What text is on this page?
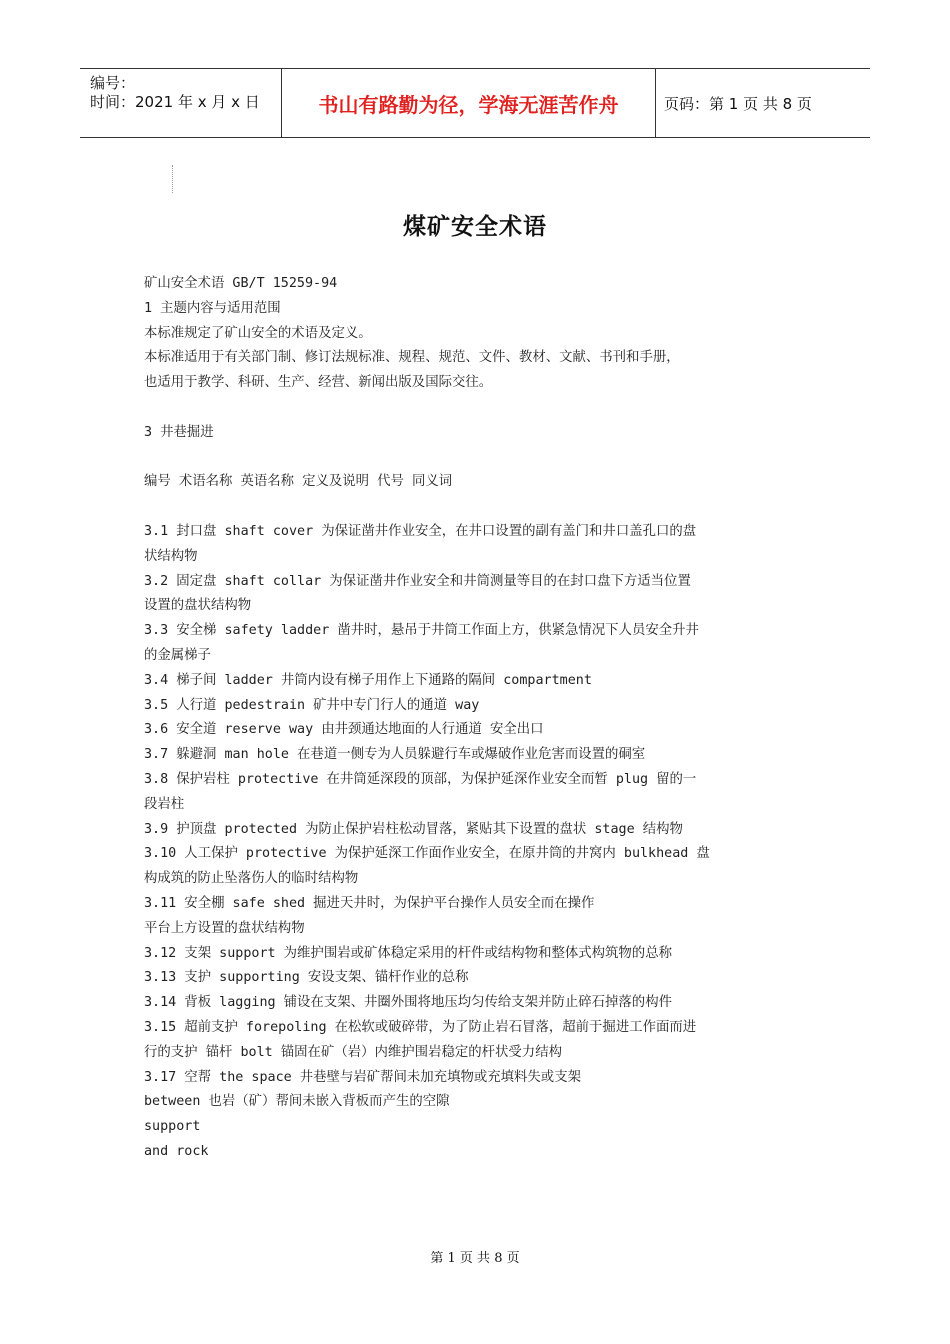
编号：
时间：2021 年 x 月 x 日	书山有路勤为径，学海无涯苦作舟	页码：第 1 页 共 8 页
煤矿安全术语

矿山安全术语 GB/T 15259-94

1 主题内容与适用范围

本标准规定了矿山安全的术语及定义。

本标准适用于有关部门制、修订法规标准、规程、规范、文件、教材、文献、书刊和手册，

也适用于教学、科研、生产、经营、新闻出版及国际交往。

3 井巷掘进

编号 术语名称 英语名称 定义及说明 代号 同义词

3.1 封口盘 shaft cover 为保证凿井作业安全，在井口设置的副有盖门和井口盖孔口的盘

状结构物

3.2 固定盘 shaft collar 为保证凿井作业安全和井筒测量等目的在封口盘下方适当位置

设置的盘状结构物

3.3 安全梯 safety ladder 凿井时，悬吊于井筒工作面上方，供紧急情况下人员安全升井

的金属梯子

3.4 梯子间 ladder 井筒内设有梯子用作上下通路的隔间 compartment

3.5 人行道 pedestrain 矿井中专门行人的通道 way

3.6 安全道 reserve way 由井颈通达地面的人行通道 安全出口

3.7 躲避洞 man hole 在巷道一侧专为人员躲避行车或爆破作业危害而设置的硐室

3.8 保护岩柱 protective 在井筒延深段的顶部，为保护延深作业安全而暂 plug 留的一

段岩柱

3.9 护顶盘 protected 为防止保护岩柱松动冒落，紧贴其下设置的盘状 stage 结构物

3.10 人工保护 protective 为保护延深工作面作业安全，在原井筒的井窝内 bulkhead 盘

构成筑的防止坠落伤人的临时结构物

3.11 安全棚 safe shed 掘进天井时，为保护平台操作人员安全而在操作

平台上方设置的盘状结构物

3.12 支架 support 为维护围岩或矿体稳定采用的杆件或结构物和整体式构筑物的总称

3.13 支护 supporting 安设支架、锚杆作业的总称

3.14 背板 lagging 铺设在支架、井圈外围将地压均匀传给支架并防止碎石掉落的构件

3.15 超前支护 forepoling 在松软或破碎带，为了防止岩石冒落，超前于掘进工作面而进

行的支护 锚杆 bolt 锚固在矿（岩）内维护围岩稳定的杆状受力结构

3.17 空帮 the space 井巷壁与岩矿帮间未加充填物或充填料失或支架

between 也岩（矿）帮间未嵌入背板而产生的空隙

support

and rock

第 1 页 共 8 页
